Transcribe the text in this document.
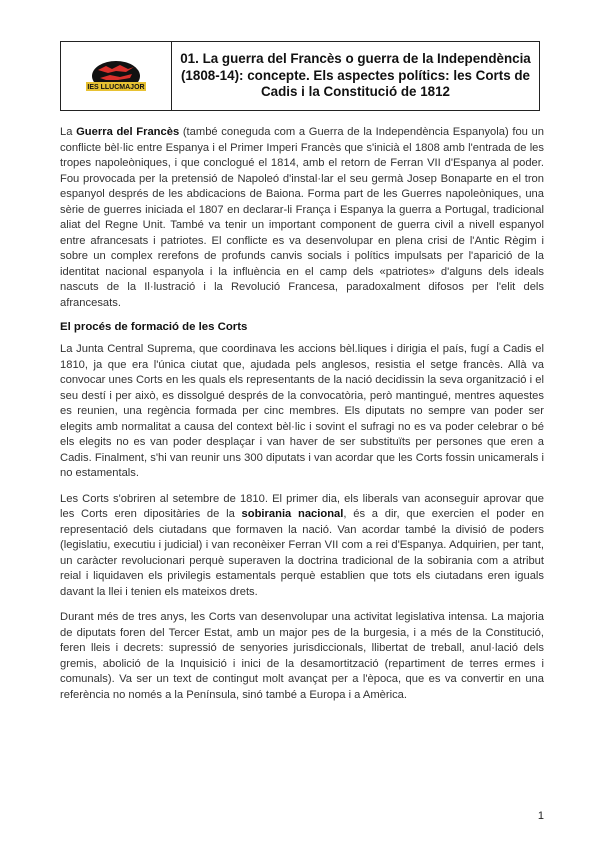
IES LLUCMAJOR
01. La guerra del Francès o guerra de la Independència (1808-14): concepte. Els aspectes polítics: les Corts de Cadis i la Constitució de 1812

La Guerra del Francès (també coneguda com a Guerra de la Independència Espanyola) fou un conflicte bèl·lic entre Espanya i el Primer Imperi Francès que s'inicià el 1808 amb l'entrada de les tropes napoleòniques, i que conclogué el 1814, amb el retorn de Ferran VII d'Espanya al poder. Fou provocada per la pretensió de Napoleó d'instal·lar el seu germà Josep Bonaparte en el tron espanyol després de les abdicacions de Baiona. Forma part de les Guerres napoleòniques, una sèrie de guerres iniciada el 1807 en declarar-li França i Espanya la guerra a Portugal, tradicional aliat del Regne Unit. També va tenir un important component de guerra civil a nivell espanyol entre afrancesats i patriotes. El conflicte es va desenvolupar en plena crisi de l'Antic Règim i sobre un complex rerefons de profunds canvis socials i polítics impulsats per l'aparició de la identitat nacional espanyola i la influència en el camp dels «patriotes» d'alguns dels ideals nascuts de la Il·lustració i la Revolució Francesa, paradoxalment difosos per l'elit dels afrancesats.

El procés de formació de les Corts

La Junta Central Suprema, que coordinava les accions bèl.liques i dirigia el país, fugí a Cadis el 1810, ja que era l'única ciutat que, ajudada pels anglesos, resistia el setge francès. Allà va convocar unes Corts en les quals els representants de la nació decidissin la seva organització i el seu destí i per això, es dissolgué després de la convocatòria, però mantingué, mentres aquestes es reunien, una regència formada per cinc membres. Els diputats no sempre van poder ser elegits amb normalitat a causa del context bèl·lic i sovint el sufragi no es va poder celebrar o bé els elegits no es van poder desplaçar i van haver de ser substituïts per persones que eren a Cadis. Finalment, s'hi van reunir uns 300 diputats i van acordar que les Corts fossin unicamerals i no estamentals.

Les Corts s'obriren al setembre de 1810. El primer dia, els liberals van aconseguir aprovar que les Corts eren dipositàries de la sobirania nacional, és a dir, que exercien el poder en representació dels ciutadans que formaven la nació. Van acordar també la divisió de poders (legislatiu, executiu i judicial) i van reconèixer Ferran VII com a rei d'Espanya. Adquirien, per tant, un caràcter revolucionari perquè superaven la doctrina tradicional de la sobirania com a atribut reial i liquidaven els privilegis estamentals perquè establien que tots els ciutadans eren iguals davant la llei i tenien els mateixos drets.

Durant més de tres anys, les Corts van desenvolupar una activitat legislativa intensa. La majoria de diputats foren del Tercer Estat, amb un major pes de la burgesia, i a més de la Constitució, feren lleis i decrets: supressió de senyories jurisdiccionals, llibertat de treball, anul·lació dels gremis, abolició de la Inquisició i inici de la desamortització (repartiment de terres ermes i comunals). Va ser un text de contingut molt avançat per a l'època, que es va convertir en una referència no només a la Península, sinó també a Europa i a Amèrica.

1
